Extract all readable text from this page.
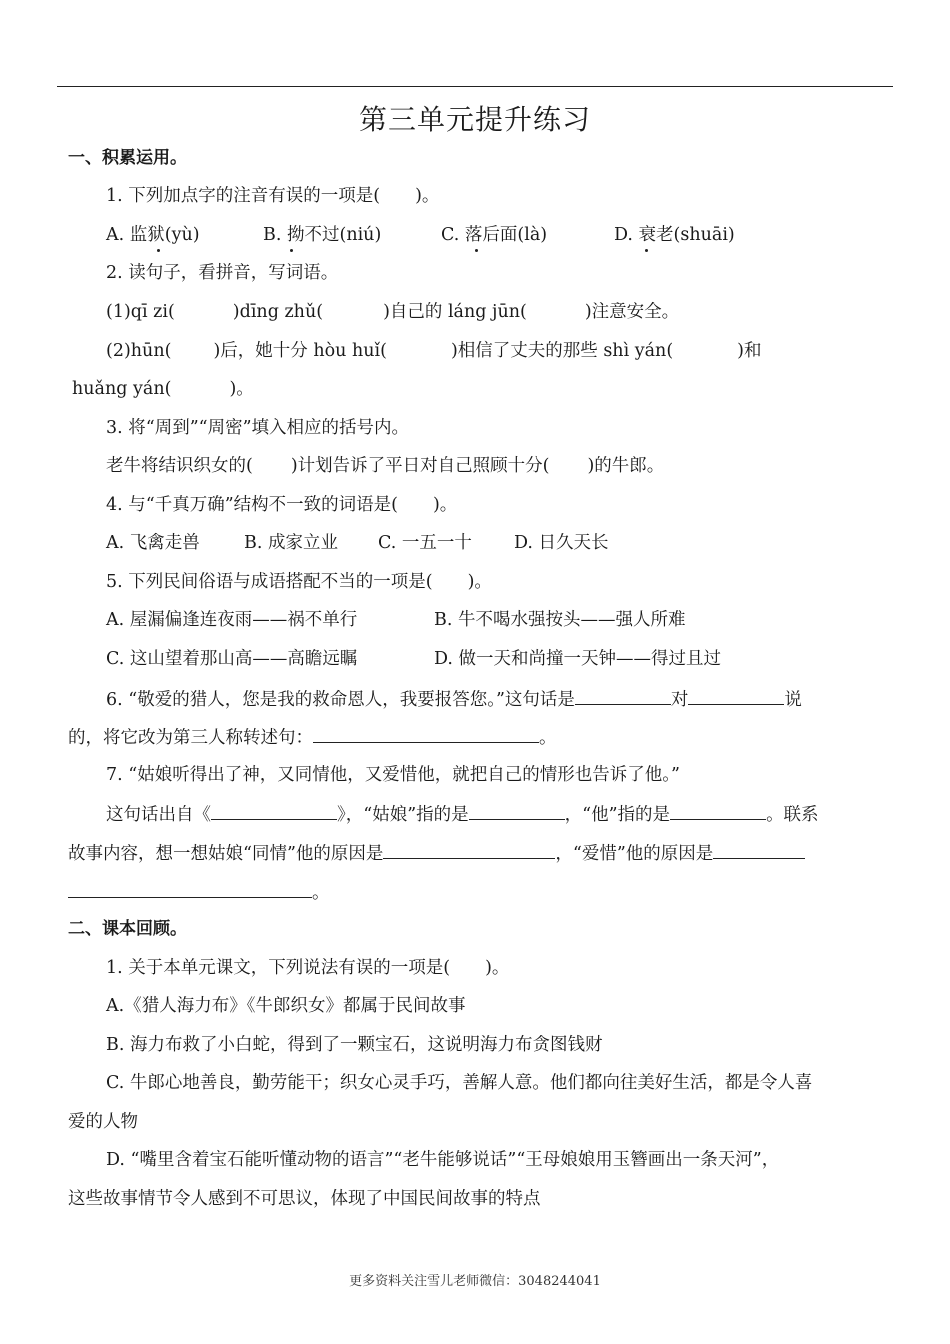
第三单元提升练习
一、积累运用。
1. 下列加点字的注音有误的一项是(　　)。
A. 监狱(yù)	B. 拗不过(niú)	C. 落后面(là)	D. 衰老(shuāi)
2. 读句子，看拼音，写词语。
(1)qī zi(	)dīng zhǔ(	)自己的 láng jūn(	)注意安全。
(2)hūn( )后，她十分 hòu huǐ(	)相信了丈夫的那些 shì yán(	)和
huǎng yán(	)。
3. 将“周到”“周密”填入相应的括号内。
老牛将结识织女的( )计划告诉了平日对自己照顾十分( )的牛郎。
4. 与“千真万确”结构不一致的词语是(　　)。
A. 飞禽走兽	B. 成家立业 C. 一五一十 D. 日久天长
5. 下列民间俗语与成语搭配不当的一项是(　　)。
A. 屋漏偏逢连夜雨——祸不单行	B. 牛不喝水强按头——强人所难
C. 这山望着那山高——高瞻远瞩	D. 做一天和尚撞一天钟——得过且过
6. “敬爱的猎人，您是我的救命恩人，我要报答您。”这句话是	对	说
的，将它改为第三人称转述句：	。
7. “姑娘听得出了神，又同情他，又爱惜他，就把自己的情形也告诉了他。”
这句话出自《	》，“姑娘”指的是	，“他”指的是	。联系
故事内容，想一想姑娘“同情”他的原因是	，“爱惜”他的原因是
。
二、课本回顾。
1. 关于本单元课文，下列说法有误的一项是(　　)。
A.《猎人海力布》《牛郎织女》都属于民间故事
B. 海力布救了小白蛇，得到了一颗宝石，这说明海力布贪图钱财
C. 牛郎心地善良，勤劳能干；织女心灵手巧，善解人意。他们都向往美好生活，都是令人喜
爱的人物
D. “嘴里含着宝石能听懂动物的语言”“老牛能够说话”“王母娘娘用玉簪画出一条天河”，
这些故事情节令人感到不可思议，体现了中国民间故事的特点
更多资料关注雪儿老师微信：3048244041
